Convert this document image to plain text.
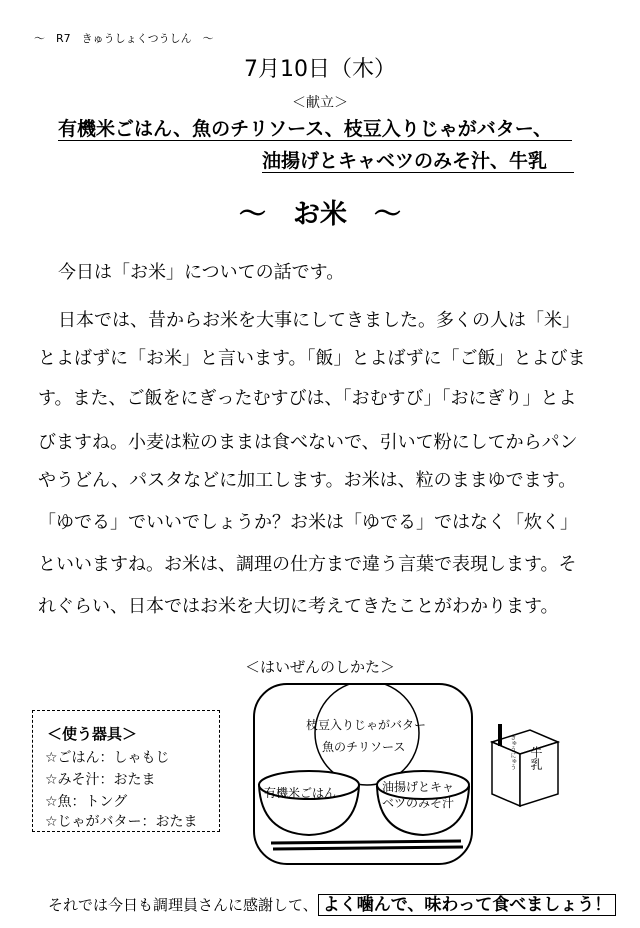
～　R7　きゅうしょくつうしん　～
7月10日（木）
＜献立＞
有機米ごはん、魚のチリソース、枝豆入りじゃがバター、
油揚げとキャベツのみそ汁、牛乳
～　お米　～
今日は「お米」についての話です。
日本では、昔からお米を大事にしてきました。多くの人は「米」
とよばずに「お米」と言います。「飯」とよばずに「ご飯」とよびま
す。また、ご飯をにぎったむすびは、「おむすび」「おにぎり」とよ
びますね。小麦は粒のままは食べないで、引いて粉にしてからパン
やうどん、パスタなどに加工します。お米は、粒のままゆでます。
「ゆでる」でいいでしょうか？お米は「ゆでる」ではなく「炊く」
といいますね。お米は、調理の仕方まで違う言葉で表現します。そ
れぐらい、日本ではお米を大切に考えてきたことがわかります。
＜はいぜんのしかた＞
＜使う器具＞
☆ごはん：しゃもじ
☆みそ汁：おたま
☆魚：トング
☆じゃがバター：おたま
枝豆入りじゃがバター
魚のチリソース
有機米ごはん	油揚げとキャ
ベツのみそ汁
牛乳
ぎゅうにゅう
それでは今日も調理員さんに感謝して、 よく噛んで、味わって食べましょう！
